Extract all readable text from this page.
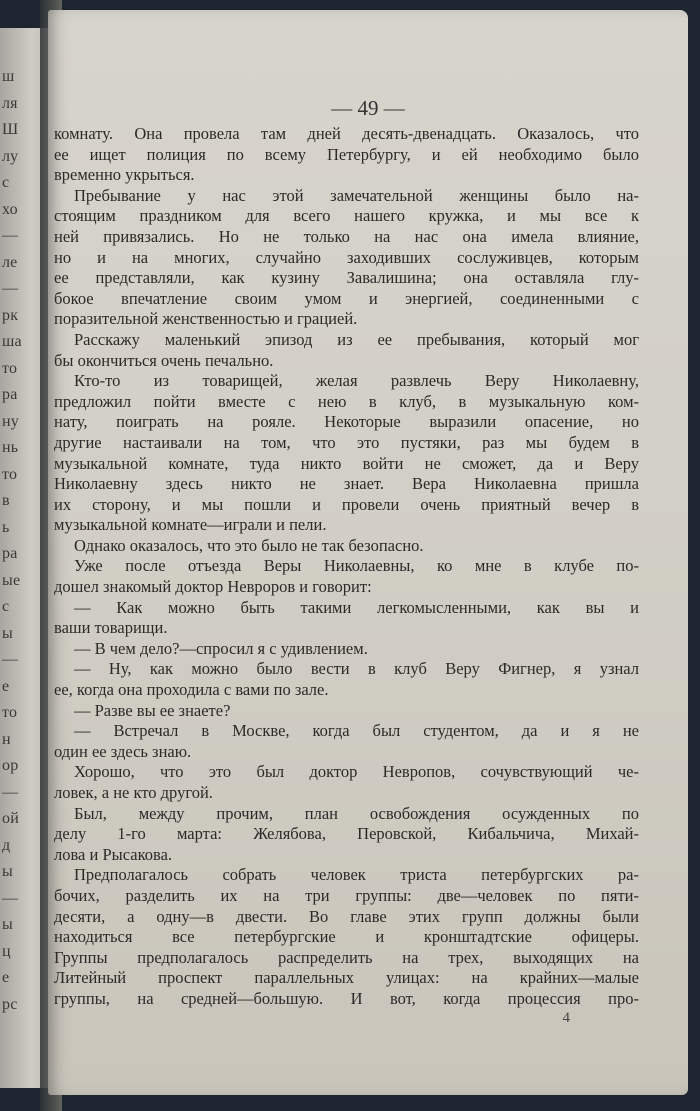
ш
ля
Ш
лу
с
хо
—
ле
—
рк
ша
то
ра
ну
нь
то
в
ь
ра
ые
с
ы
—
е
то
н
ор
—
ой
д
ы
—
ы
ц
е
рс
— 49 —
комнату. Она провела там дней десять-двенадцать. Оказалось, что
ее ищет полиция по всему Петербургу, и ей необходимо было
временно укрыться.
Пребывание у нас этой замечательной женщины было на-
стоящим праздником для всего нашего кружка, и мы все к
ней привязались. Но не только на нас она имела влияние,
но и на многих, случайно заходивших сослуживцев, которым
ее представляли, как кузину Завалишина; она оставляла глу-
бокое впечатление своим умом и энергией, соединенными с
поразительной женственностью и грацией.
Расскажу маленький эпизод из ее пребывания, который мог
бы окончиться очень печально.
Кто-то из товарищей, желая развлечь Веру Николаевну,
предложил пойти вместе с нею в клуб, в музыкальную ком-
нату, поиграть на рояле. Некоторые выразили опасение, но
другие настаивали на том, что это пустяки, раз мы будем в
музыкальной комнате, туда никто войти не сможет, да и Веру
Николаевну здесь никто не знает. Вера Николаевна пришла
их сторону, и мы пошли и провели очень приятный вечер в
музыкальной комнате—играли и пели.
Однако оказалось, что это было не так безопасно.
Уже после отъезда Веры Николаевны, ко мне в клубе по-
дошел знакомый доктор Неврopoв и говорит:
— Как можно быть такими легкомысленными, как вы и
ваши товарищи.
— В чем дело?—спросил я с удивлением.
— Ну, как можно было вести в клуб Веру Фигнер, я узнал
ее, когда она проходила с вами по зале.
— Разве вы ее знаете?
— Встречал в Москве, когда был студентом, да и я не
один ее здесь знаю.
Хорошо, что это был доктор Невропов, сочувствующий че-
ловек, а не кто другой.
Был, между прочим, план освобождения осужденных по
делу 1-го марта: Желябова, Перовской, Кибальчича, Михай-
лова и Рысакова.
Предполагалось собрать человек триста петербургских ра-
бочих, разделить их на три группы: две—человек по пяти-
десяти, а одну—в двести. Во главе этих групп должны были
находиться все петербургские и кронштадтские офицеры.
Группы предполагалось распределить на трех, выходящих на
Литейный проспект параллельных улицах: на крайних—малые
группы, на средней—большую. И вот, когда процессия про-
4
